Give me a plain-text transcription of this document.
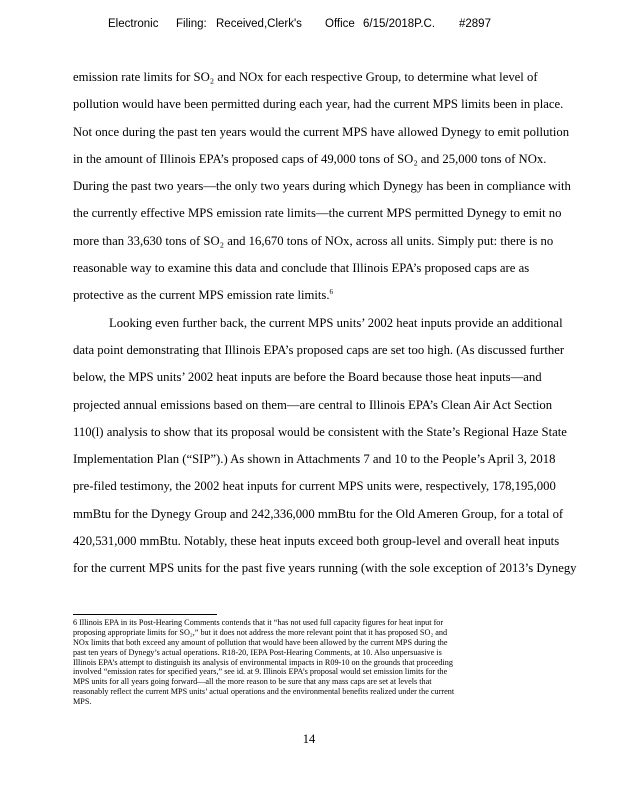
Electronic Filing: Received,Clerk's Office 6/15/2018P.C. #2897
emission rate limits for SO₂ and NOx for each respective Group, to determine what level of
pollution would have been permitted during each year, had the current MPS limits been in place.
Not once during the past ten years would the current MPS have allowed Dynegy to emit pollution
in the amount of Illinois EPA’s proposed caps of 49,000 tons of SO₂ and 25,000 tons of NOx.
During the past two years—the only two years during which Dynegy has been in compliance with
the currently effective MPS emission rate limits—the current MPS permitted Dynegy to emit no
more than 33,630 tons of SO₂ and 16,670 tons of NOx, across all units. Simply put: there is no
reasonable way to examine this data and conclude that Illinois EPA’s proposed caps are as
protective as the current MPS emission rate limits.$^6$
Looking even further back, the current MPS units’ 2002 heat inputs provide an additional
data point demonstrating that Illinois EPA’s proposed caps are set too high. (As discussed further
below, the MPS units’ 2002 heat inputs are before the Board because those heat inputs—and
projected annual emissions based on them—are central to Illinois EPA’s Clean Air Act Section
110(l) analysis to show that its proposal would be consistent with the State’s Regional Haze State
Implementation Plan (“SIP”).) As shown in Attachments 7 and 10 to the People’s April 3, 2018
pre-filed testimony, the 2002 heat inputs for current MPS units were, respectively, 178,195,000
mmBtu for the Dynegy Group and 242,336,000 mmBtu for the Old Ameren Group, for a total of
420,531,000 mmBtu. Notably, these heat inputs exceed both group-level and overall heat inputs
for the current MPS units for the past five years running (with the sole exception of 2013’s Dynegy
6 Illinois EPA in its Post-Hearing Comments contends that it “has not used full capacity figures for heat input for
proposing appropriate limits for SO₂,” but it does not address the more relevant point that it has proposed SO₂ and
NOx limits that both exceed any amount of pollution that would have been allowed by the current MPS during the
past ten years of Dynegy’s actual operations. R18-20, IEPA Post-Hearing Comments, at 10. Also unpersuasive is
Illinois EPA’s attempt to distinguish its analysis of environmental impacts in R09-10 on the grounds that proceeding
involved “emission rates for specified years,” see id. at 9. Illinois EPA’s proposal would set emission limits for the
MPS units for all years going forward—all the more reason to be sure that any mass caps are set at levels that
reasonably reflect the current MPS units’ actual operations and the environmental benefits realized under the current
MPS.
14
